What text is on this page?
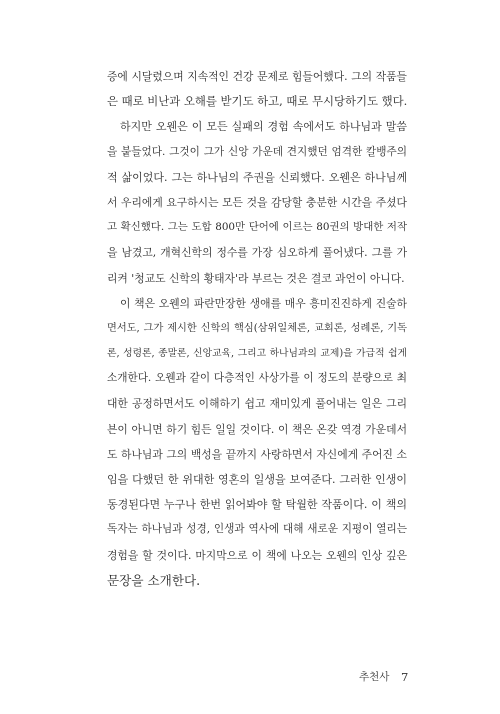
증에 시달렸으며 지속적인 건강 문제로 힘들어했다. 그의 작품들
은 때로 비난과 오해를 받기도 하고, 때로 무시당하기도 했다.
하지만 오웬은 이 모든 실패의 경험 속에서도 하나님과 말씀
을 붙들었다. 그것이 그가 신앙 가운데 견지했던 엄격한 칼뱅주의
적 삶이었다. 그는 하나님의 주권을 신뢰했다. 오웬은 하나님께
서 우리에게 요구하시는 모든 것을 감당할 충분한 시간을 주셨다
고 확신했다. 그는 도합 800만 단어에 이르는 80권의 방대한 저작
을 남겼고, 개혁신학의 정수를 가장 심오하게 풀어냈다. 그를 가
리켜 '청교도 신학의 황태자'라 부르는 것은 결코 과언이 아니다.
이 책은 오웬의 파란만장한 생애를 매우 흥미진진하게 진술하
면서도, 그가 제시한 신학의 핵심(삼위일체론, 교회론, 성례론, 기독
론, 성령론, 종말론, 신앙교육, 그리고 하나님과의 교제)을 가급적 쉽게
소개한다. 오웬과 같이 다층적인 사상가를 이 정도의 분량으로 최
대한 공정하면서도 이해하기 쉽고 재미있게 풀어내는 일은 그리
븐이 아니면 하기 힘든 일일 것이다. 이 책은 온갖 역경 가운데서
도 하나님과 그의 백성을 끝까지 사랑하면서 자신에게 주어진 소
임을 다했던 한 위대한 영혼의 일생을 보여준다. 그러한 인생이
동경된다면 누구나 한번 읽어봐야 할 탁월한 작품이다. 이 책의
독자는 하나님과 성경, 인생과 역사에 대해 새로운 지평이 열리는
경험을 할 것이다. 마지막으로 이 책에 나오는 오웬의 인상 깊은
문장을 소개한다.
추천사 7
